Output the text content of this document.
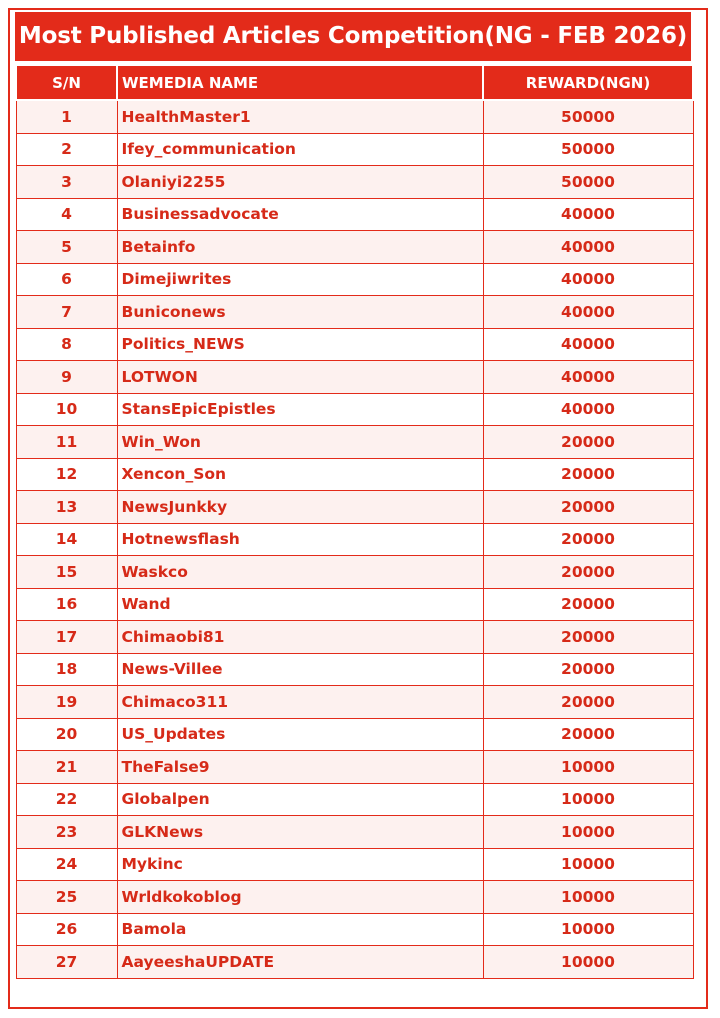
Most Published Articles Competition(NG - FEB 2026)
S/N	WEMEDIA NAME	REWARD(NGN)
1	HealthMaster1	50000
2	Ifey_communication	50000
3	Olaniyi2255	50000
4	Businessadvocate	40000
5	Betainfo	40000
6	Dimejiwrites	40000
7	Buniconews	40000
8	Politics_NEWS	40000
9	LOTWON	40000
10	StansEpicEpistles	40000
11	Win_Won	20000
12	Xencon_Son	20000
13	NewsJunkky	20000
14	Hotnewsflash	20000
15	Waskco	20000
16	Wand	20000
17	Chimaobi81	20000
18	News-Villee	20000
19	Chimaco311	20000
20	US_Updates	20000
21	TheFalse9	10000
22	Globalpen	10000
23	GLKNews	10000
24	Mykinc	10000
25	Wrldkokoblog	10000
26	Bamola	10000
27	AayeeshaUPDATE	10000
